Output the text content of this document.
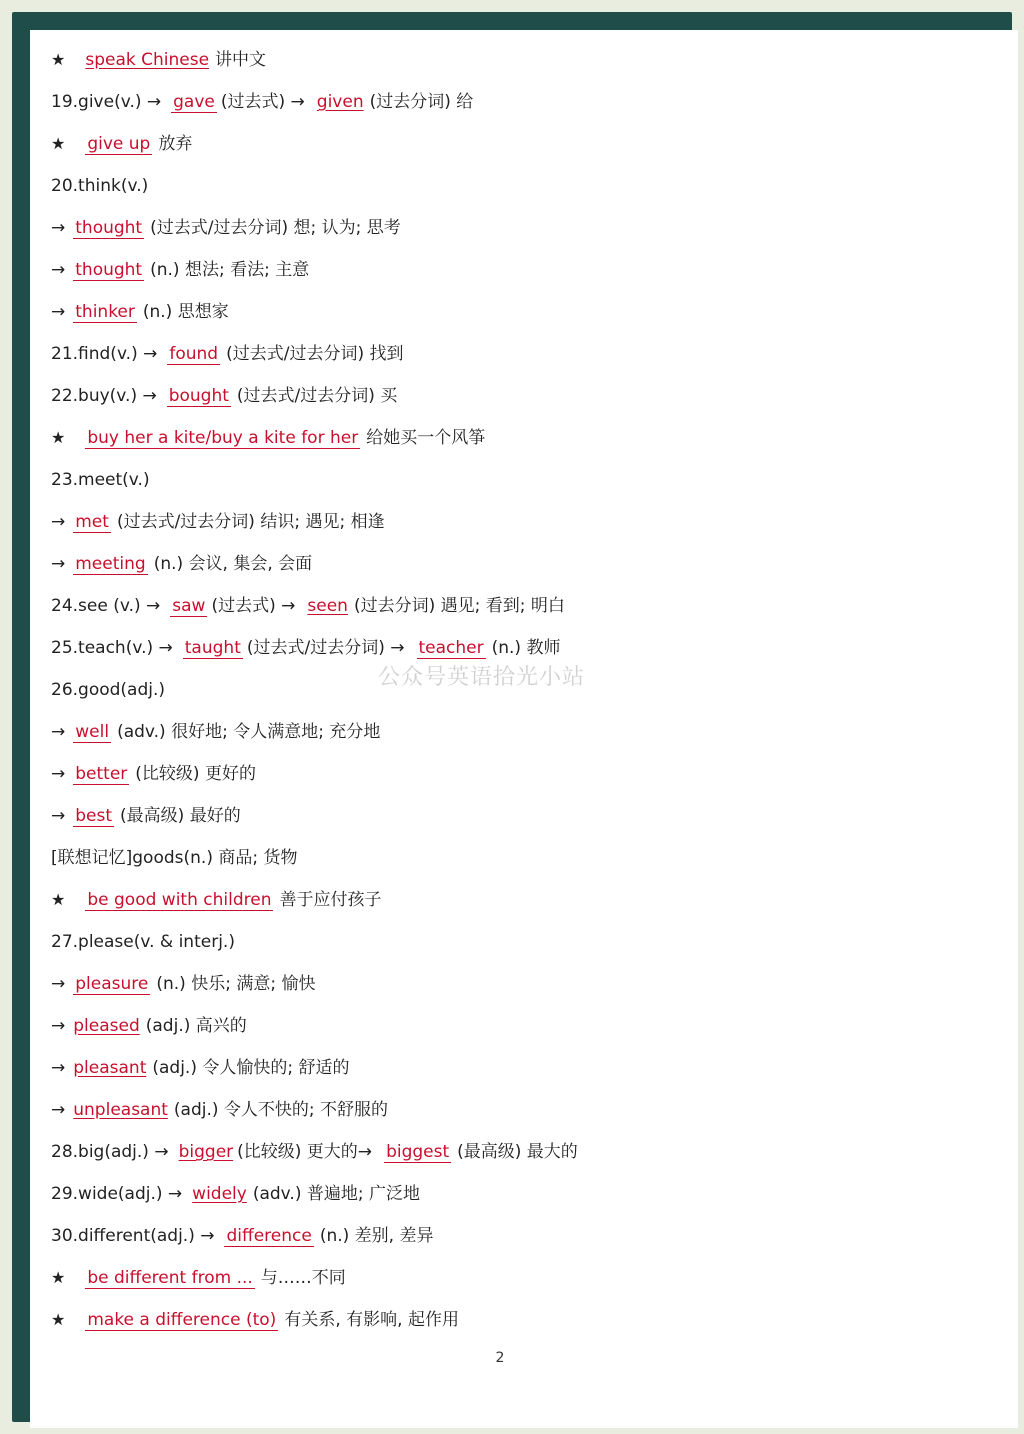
★ speak Chinese 讲中文
19.give(v.) → gave (过去式) → given (过去分词) 给
★ give up 放弃
20.think(v.)
→ thought (过去式/过去分词) 想; 认为; 思考
→ thought (n.) 想法; 看法; 主意
→ thinker (n.) 思想家
21.find(v.) → found (过去式/过去分词) 找到
22.buy(v.) → bought (过去式/过去分词) 买
★ buy her a kite/buy a kite for her 给她买一个风筝
23.meet(v.)
→ met (过去式/过去分词) 结识; 遇见; 相逢
→ meeting (n.) 会议, 集会, 会面
24.see (v.) → saw (过去式) → seen (过去分词) 遇见; 看到; 明白
25.teach(v.) → taught (过去式/过去分词) → teacher (n.) 教师
26.good(adj.)
→ well (adv.) 很好地; 令人满意地; 充分地
→ better (比较级) 更好的
→ best (最高级) 最好的
[联想记忆]goods(n.) 商品; 货物
★ be good with children 善于应付孩子
27.please(v. & interj.)
→ pleasure (n.) 快乐; 满意; 愉快
→ pleased (adj.) 高兴的
→ pleasant (adj.) 令人愉快的; 舒适的
→ unpleasant (adj.) 令人不快的; 不舒服的
28.big(adj.) → bigger (比较级) 更大的→ biggest (最高级) 最大的
29.wide(adj.) → widely (adv.) 普遍地; 广泛地
30.different(adj.) → difference (n.) 差别, 差异
★ be different from ... 与……不同
★ make a difference (to) 有关系, 有影响, 起作用
公众号英语拾光小站
2
